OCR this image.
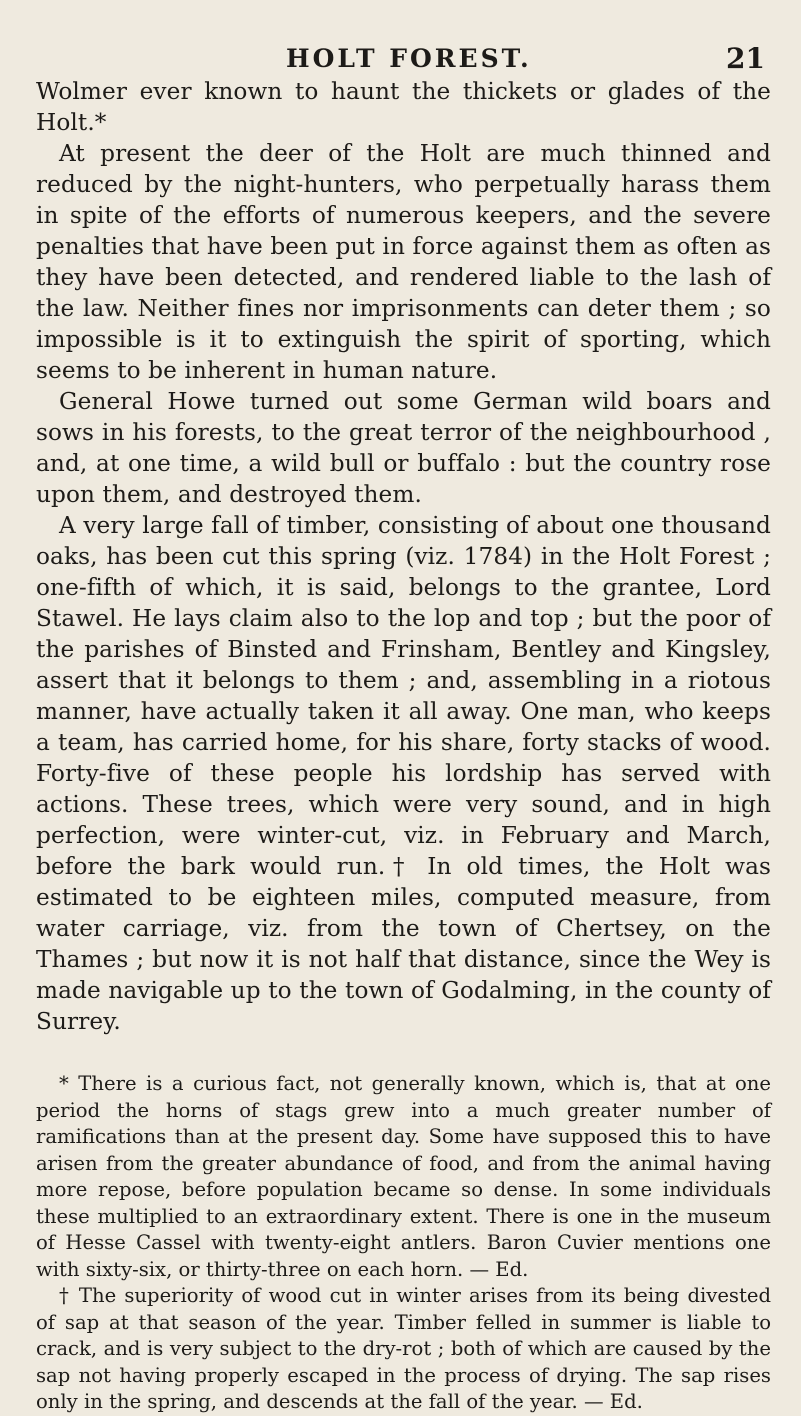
HOLT FOREST.	21

Wolmer ever known to haunt the thickets or glades of the Holt.*

At present the deer of the Holt are much thinned and reduced by the night-hunters, who perpetually harass them in spite of the efforts of numerous keepers, and the severe penalties that have been put in force against them as often as they have been detected, and rendered liable to the lash of the law. Neither fines nor imprisonments can deter them ; so impossible is it to extinguish the spirit of sporting, which seems to be inherent in human nature.

General Howe turned out some German wild boars and sows in his forests, to the great terror of the neighbourhood , and, at one time, a wild bull or buffalo : but the country rose upon them, and destroyed them.

A very large fall of timber, consisting of about one thousand oaks, has been cut this spring (viz. 1784) in the Holt Forest ; one-fifth of which, it is said, belongs to the grantee, Lord Stawel. He lays claim also to the lop and top ; but the poor of the parishes of Binsted and Frinsham, Bentley and Kingsley, assert that it belongs to them ; and, assembling in a riotous manner, have actually taken it all away. One man, who keeps a team, has carried home, for his share, forty stacks of wood. Forty-five of these people his lordship has served with actions. These trees, which were very sound, and in high perfection, were winter-cut, viz. in February and March, before the bark would run.† In old times, the Holt was estimated to be eighteen miles, computed measure, from water carriage, viz. from the town of Chertsey, on the Thames ; but now it is not half that distance, since the Wey is made navigable up to the town of Godalming, in the county of Surrey.

* There is a curious fact, not generally known, which is, that at one period the horns of stags grew into a much greater number of ramifications than at the present day. Some have supposed this to have arisen from the greater abundance of food, and from the animal having more repose, before population became so dense. In some individuals these multiplied to an extraordinary extent. There is one in the museum of Hesse Cassel with twenty-eight antlers. Baron Cuvier mentions one with sixty-six, or thirty-three on each horn. — Ed.

† The superiority of wood cut in winter arises from its being divested of sap at that season of the year. Timber felled in summer is liable to crack, and is very subject to the dry-rot ; both of which are caused by the sap not having properly escaped in the process of drying. The sap rises only in the spring, and descends at the fall of the year. — Ed.
